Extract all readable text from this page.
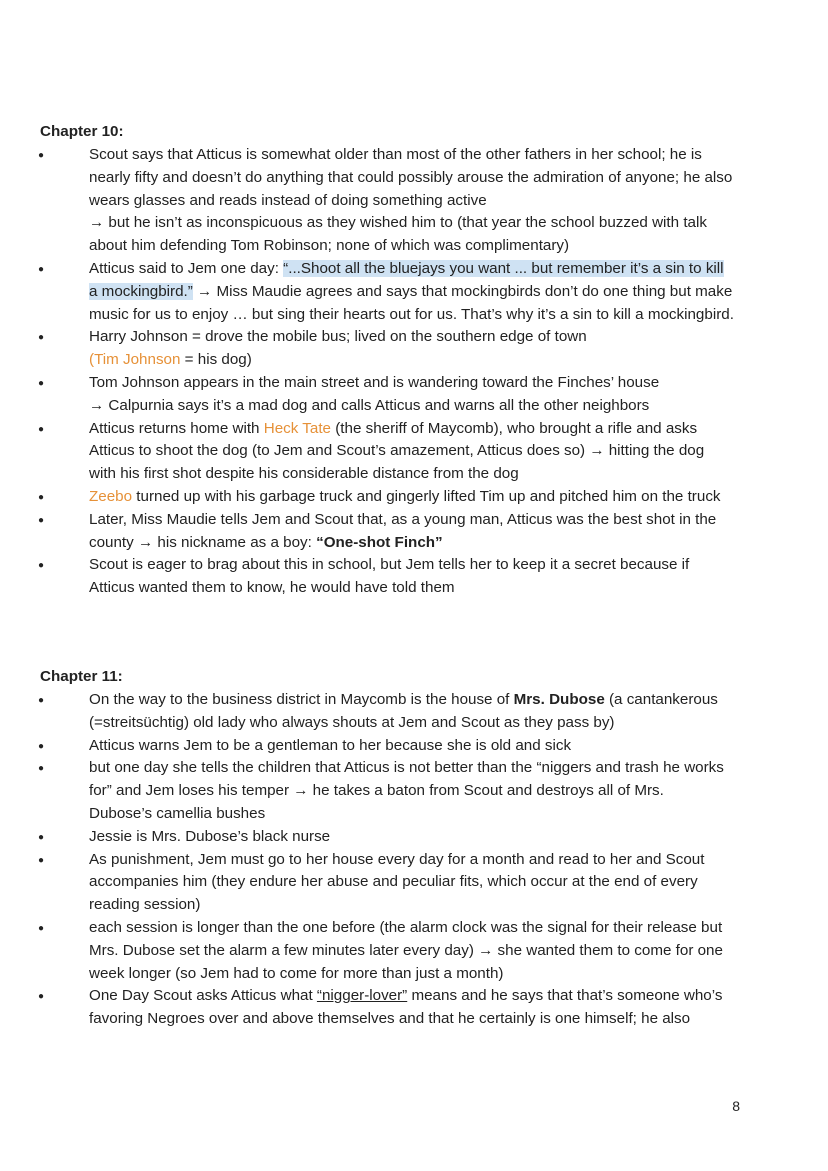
Chapter 10:
● Scout says that Atticus is somewhat older than most of the other fathers in her school; he is
nearly fifty and doesn’t do anything that could possibly arouse the admiration of anyone; he also
wears glasses and reads instead of doing something active
→ but he isn’t as inconspicuous as they wished him to (that year the school buzzed with talk
about him defending Tom Robinson; none of which was complimentary)
● Atticus said to Jem one day: “...Shoot all the bluejays you want ... but remember it’s a sin to kill
a mockingbird.” → Miss Maudie agrees and says that mockingbirds don’t do one thing but make
music for us to enjoy … but sing their hearts out for us. That’s why it’s a sin to kill a mockingbird.
● Harry Johnson = drove the mobile bus; lived on the southern edge of town
(Tim Johnson = his dog)
● Tom Johnson appears in the main street and is wandering toward the Finches’ house
→ Calpurnia says it’s a mad dog and calls Atticus and warns all the other neighbors
● Atticus returns home with Heck Tate (the sheriff of Maycomb), who brought a rifle and asks
Atticus to shoot the dog (to Jem and Scout’s amazement, Atticus does so) → hitting the dog
with his first shot despite his considerable distance from the dog
● Zeebo turned up with his garbage truck and gingerly lifted Tim up and pitched him on the truck
● Later, Miss Maudie tells Jem and Scout that, as a young man, Atticus was the best shot in the
county → his nickname as a boy: “One-shot Finch”
● Scout is eager to brag about this in school, but Jem tells her to keep it a secret because if
Atticus wanted them to know, he would have told them
Chapter 11:
● On the way to the business district in Maycomb is the house of Mrs. Dubose (a cantankerous
(=streitsüchtig) old lady who always shouts at Jem and Scout as they pass by)
● Atticus warns Jem to be a gentleman to her because she is old and sick
● but one day she tells the children that Atticus is not better than the “niggers and trash he works
for” and Jem loses his temper → he takes a baton from Scout and destroys all of Mrs.
Dubose’s camellia bushes
● Jessie is Mrs. Dubose’s black nurse
● As punishment, Jem must go to her house every day for a month and read to her and Scout
accompanies him (they endure her abuse and peculiar fits, which occur at the end of every
reading session)
● each session is longer than the one before (the alarm clock was the signal for their release but
Mrs. Dubose set the alarm a few minutes later every day) → she wanted them to come for one
week longer (so Jem had to come for more than just a month)
● One Day Scout asks Atticus what “nigger-lover” means and he says that that’s someone who’s
favoring Negroes over and above themselves and that he certainly is one himself; he also
8
